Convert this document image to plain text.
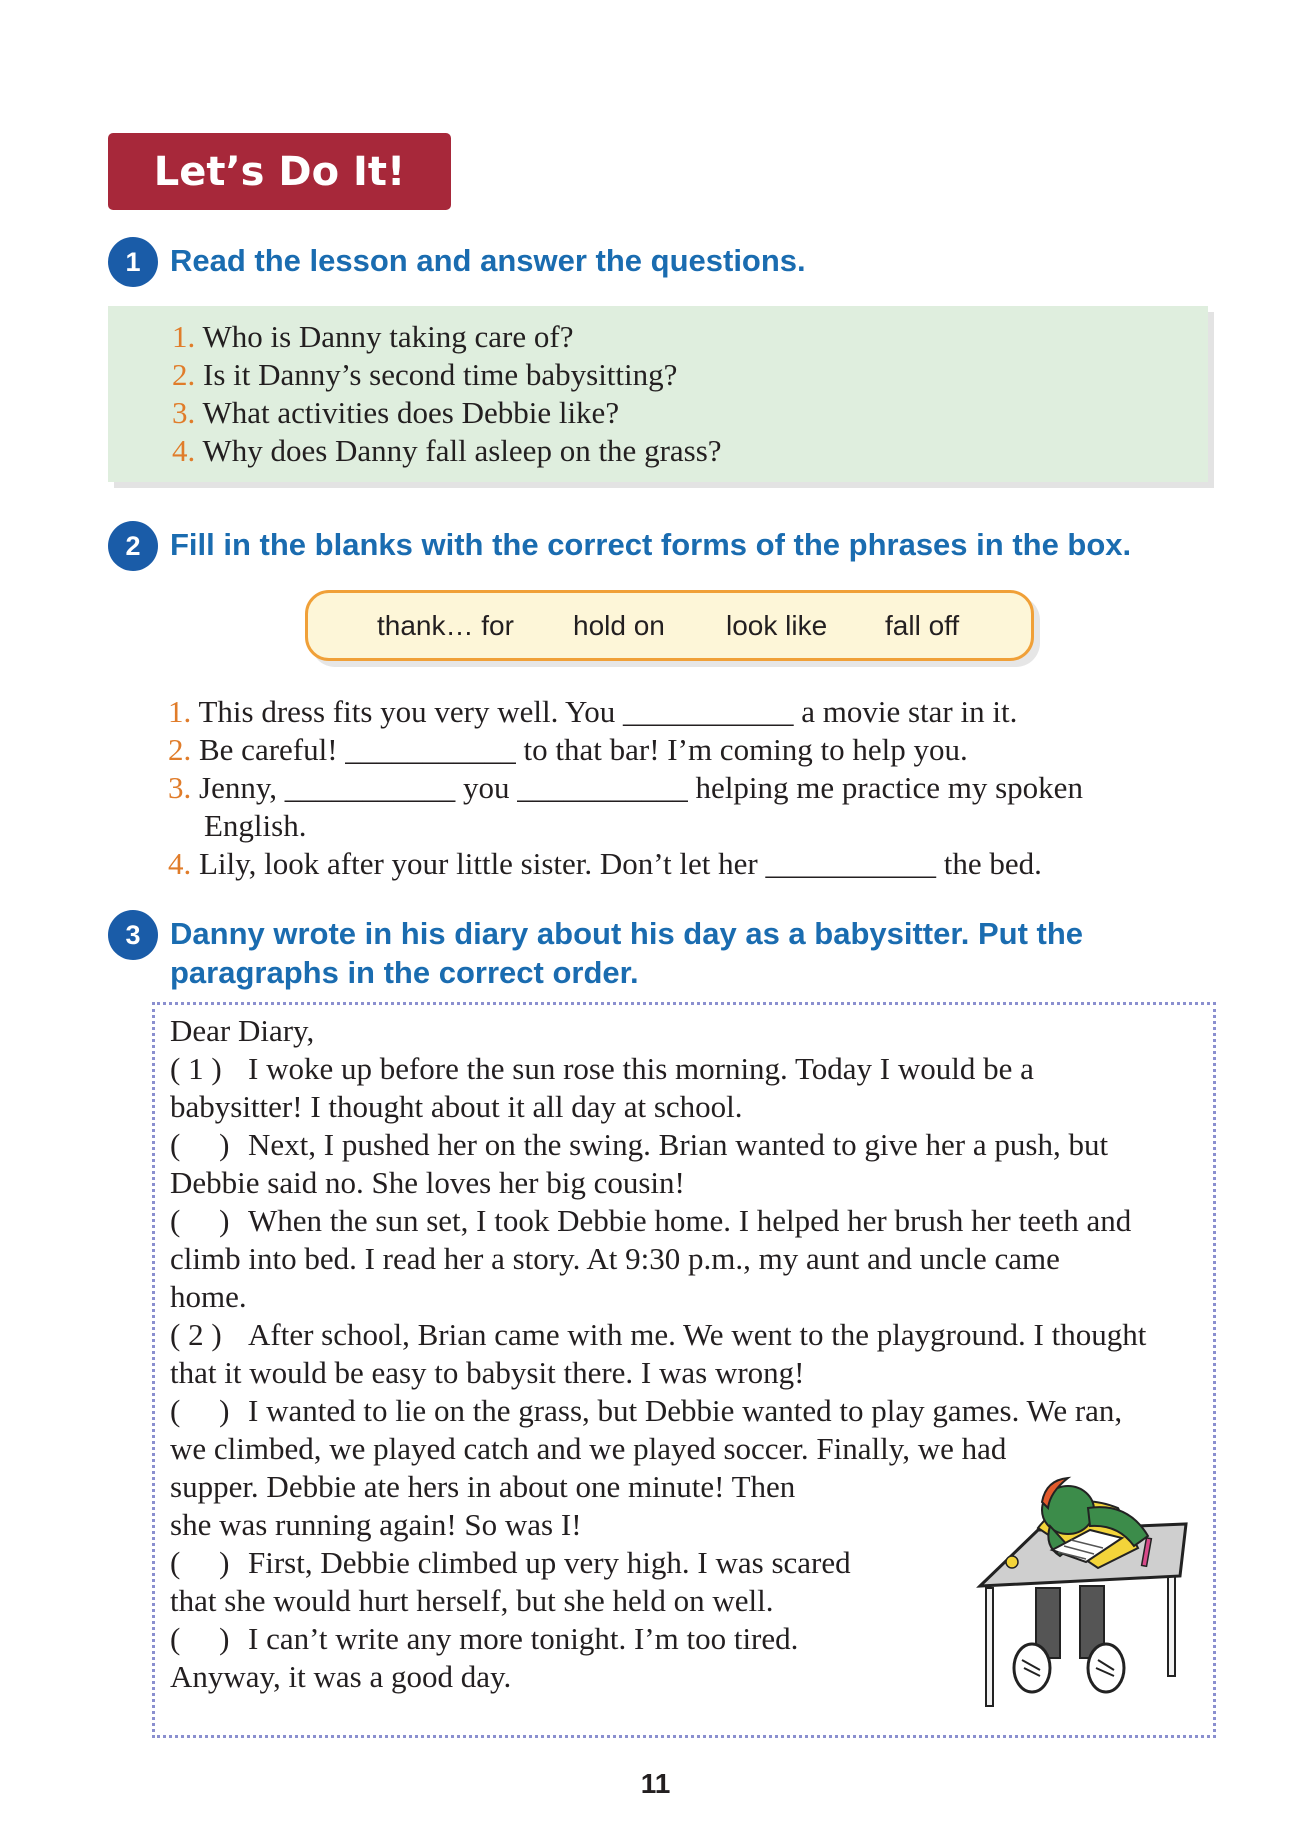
Let’s Do It!
1 Read the lesson and answer the questions.
1. Who is Danny taking care of?
2. Is it Danny’s second time babysitting?
3. What activities does Debbie like?
4. Why does Danny fall asleep on the grass?
2 Fill in the blanks with the correct forms of the phrases in the box.
thank… for hold on look like fall off
1. This dress fits you very well. You ___________ a movie star in it.
2. Be careful! ___________ to that bar! I’m coming to help you.
3. Jenny, ___________ you ___________ helping me practice my spoken
English.
4. Lily, look after your little sister. Don’t let her ___________ the bed.
3 Danny wrote in his diary about his day as a babysitter. Put the
paragraphs in the correct order.
Dear Diary,
( 1 ) I woke up before the sun rose this morning. Today I would be a
babysitter! I thought about it all day at school.
(     ) Next, I pushed her on the swing. Brian wanted to give her a push, but
Debbie said no. She loves her big cousin!
(     ) When the sun set, I took Debbie home. I helped her brush her teeth and
climb into bed. I read her a story. At 9:30 p.m., my aunt and uncle came
home.
( 2 ) After school, Brian came with me. We went to the playground. I thought
that it would be easy to babysit there. I was wrong!
(     ) I wanted to lie on the grass, but Debbie wanted to play games. We ran,
we climbed, we played catch and we played soccer. Finally, we had
supper. Debbie ate hers in about one minute! Then
she was running again! So was I!
(     ) First, Debbie climbed up very high. I was scared
that she would hurt herself, but she held on well.
(     ) I can’t write any more tonight. I’m too tired.
Anyway, it was a good day.
11
